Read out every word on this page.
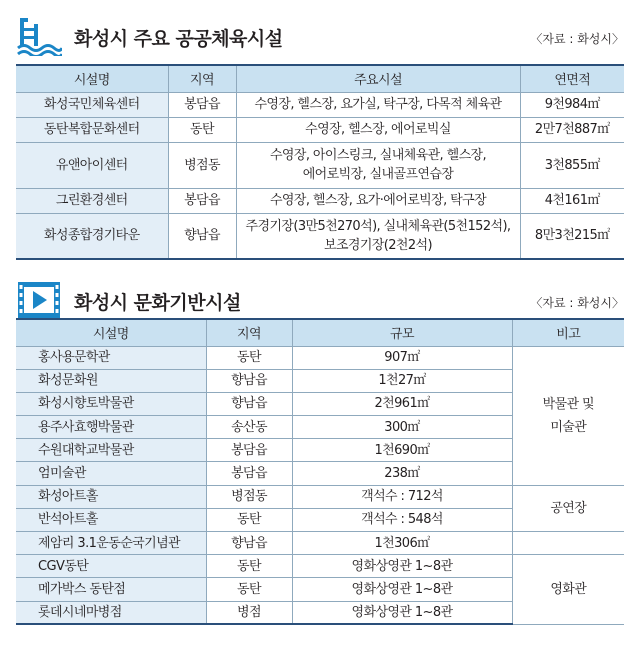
화성시 주요 공공체육시설	〈자료 : 화성시〉
시설명	지역	주요시설	연면적
화성국민체육센터	봉담읍	수영장, 헬스장, 요가실, 탁구장, 다목적 체육관	9천984㎡
동탄복합문화센터	동탄	수영장, 헬스장, 에어로빅실	2만7천887㎡
유앤아이센터	병점동	수영장, 아이스링크, 실내체육관, 헬스장,
에어로빅장, 실내골프연습장	3천855㎡
그린환경센터	봉담읍	수영장, 헬스장, 요가·에어로빅장, 탁구장	4천161㎡
화성종합경기타운	향남읍	주경기장(3만5천270석), 실내체육관(5천152석),
보조경기장(2천2석)	8만3천215㎡
화성시 문화기반시설	〈자료 : 화성시〉
시설명	지역	규모	비고
홍사용문학관	동탄	907㎡	박물관 및
미술관

화성문화원	향남읍	1천27㎡	
화성시향토박물관	향남읍	2천961㎡	
용주사효행박물관	송산동	300㎡	
수원대학교박물관	봉담읍	1천690㎡	
엄미술관	봉담읍	238㎡	
화성아트홀	병점동	객석수 : 712석	공연장
반석아트홀	동탄	객석수 : 548석	
제암리 3.1운동순국기념관	향남읍	1천306㎡	
CGV동탄	동탄	영화상영관 1~8관	영화관
메가박스 동탄점	동탄	영화상영관 1~8관	
롯데시네마병점	병점	영화상영관 1~8관	
